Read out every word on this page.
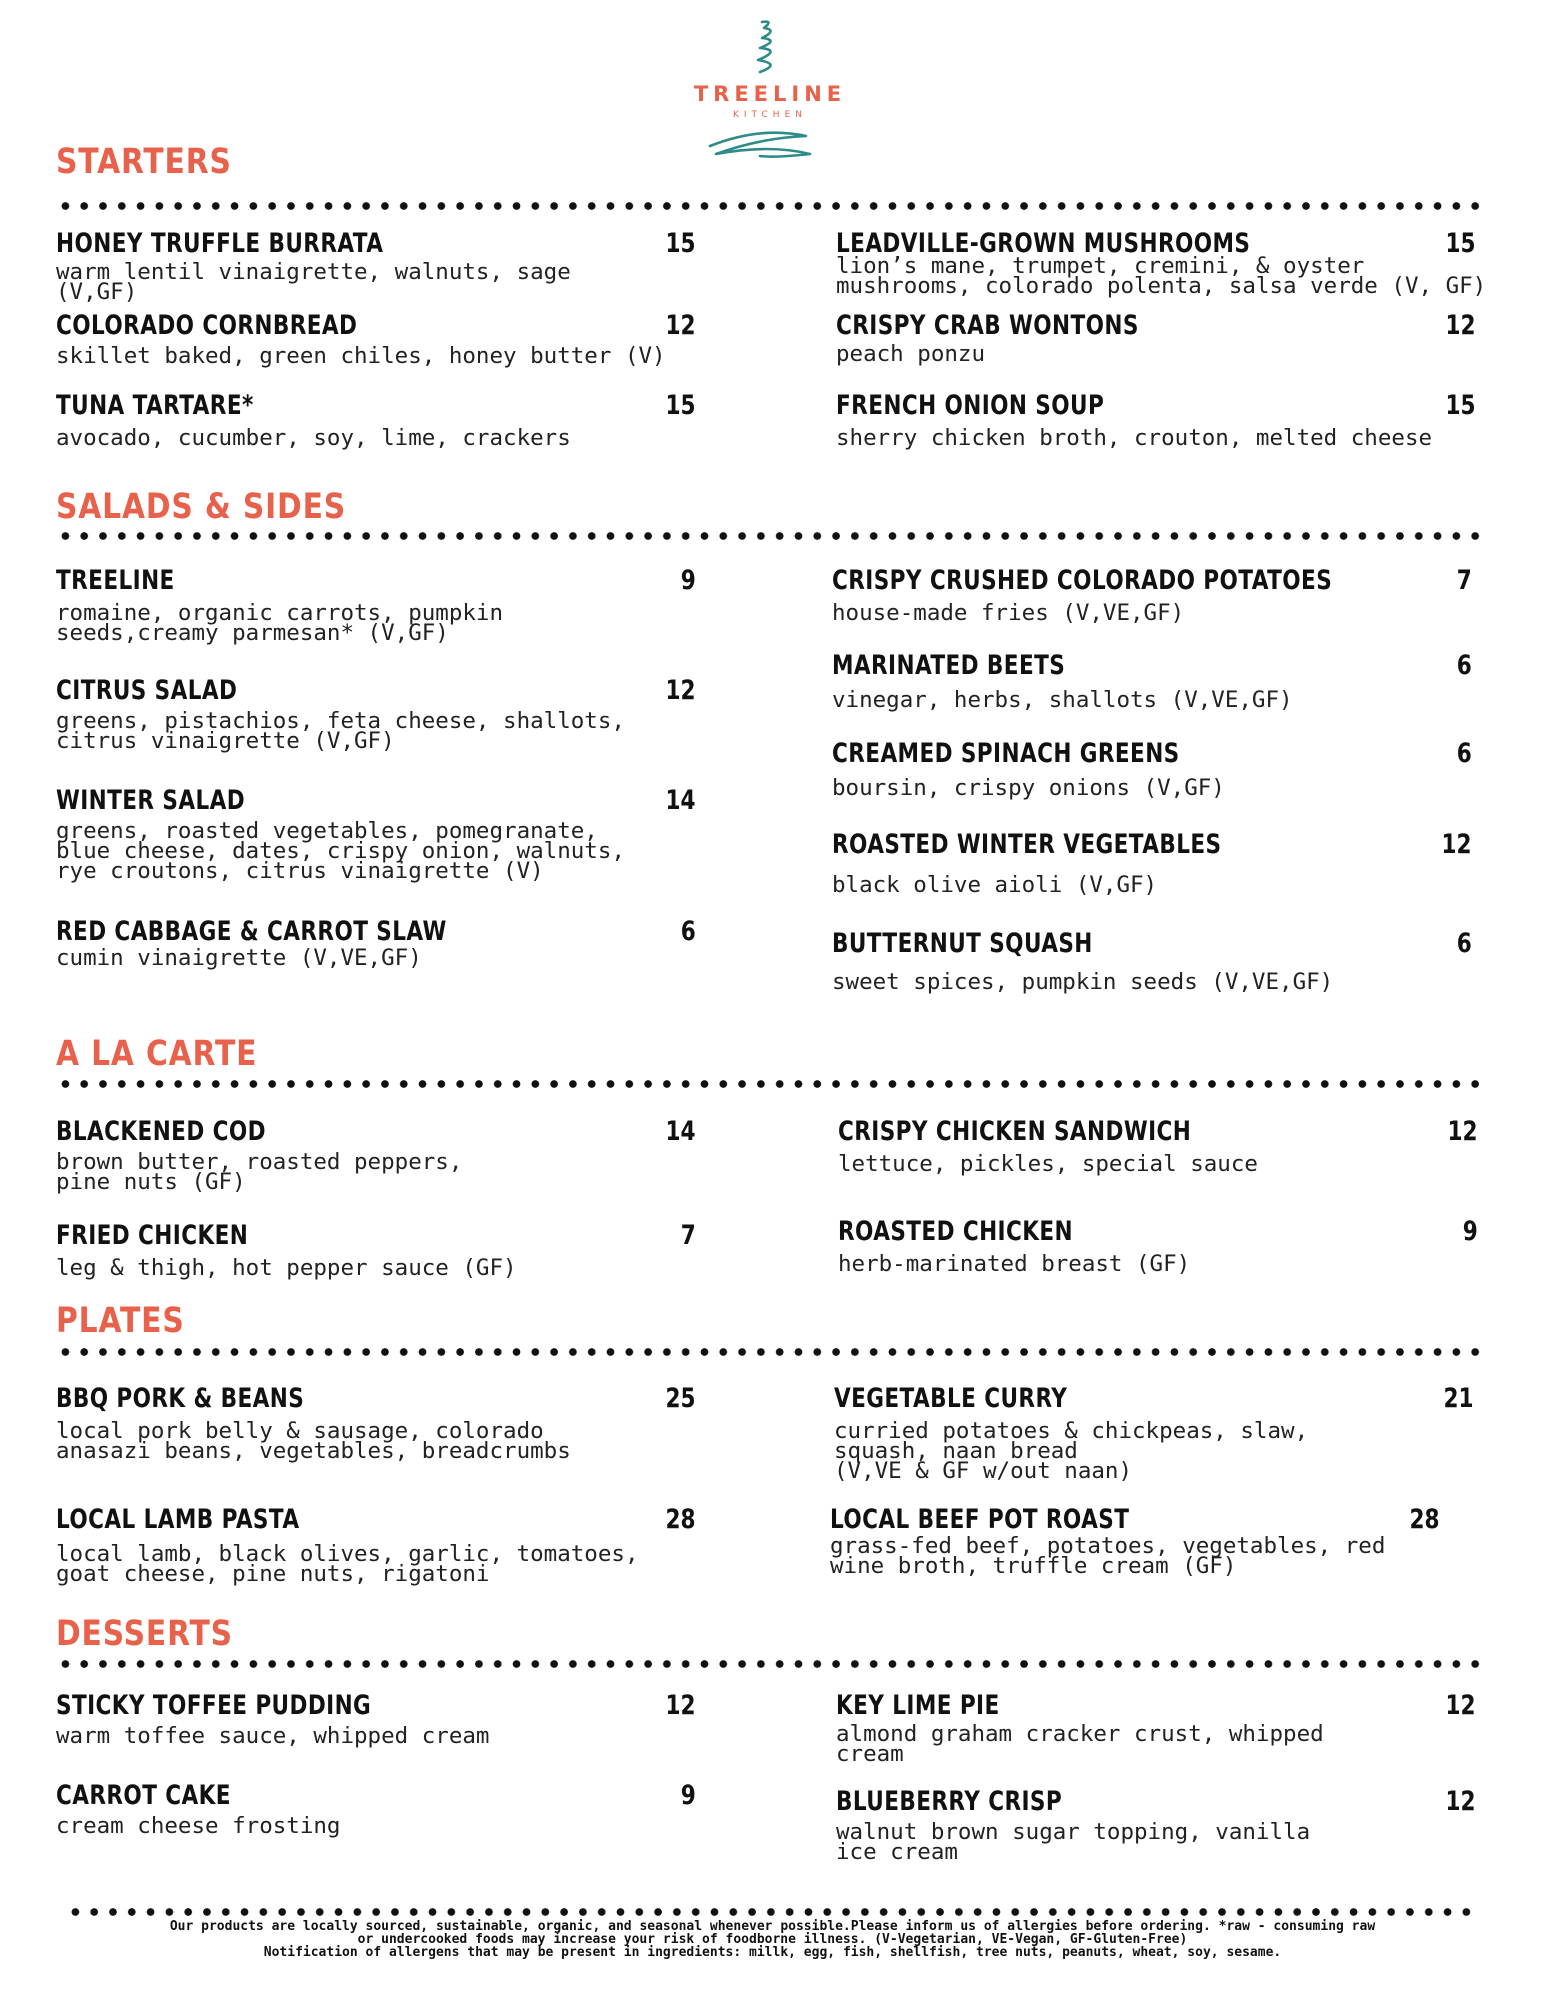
TREELINE
KITCHEN
STARTERS
HONEY TRUFFLE BURRATA	15
warm lentil vinaigrette, walnuts, sage
(V,GF)
COLORADO CORNBREAD	12
skillet baked, green chiles, honey butter (V)
TUNA TARTARE*	15
avocado, cucumber, soy, lime, crackers
LEADVILLE-GROWN MUSHROOMS	15
lion’s mane, trumpet, cremini, & oyster
mushrooms, colorado polenta, salsa verde (V, GF)
CRISPY CRAB WONTONS	12
peach ponzu
FRENCH ONION SOUP	15
sherry chicken broth, crouton, melted cheese
SALADS & SIDES
TREELINE	9
romaine, organic carrots, pumpkin
seeds,creamy parmesan* (V,GF)
CITRUS SALAD	12
greens, pistachios, feta cheese, shallots,
citrus vinaigrette (V,GF)
WINTER SALAD	14
greens, roasted vegetables, pomegranate,
blue cheese, dates, crispy onion, walnuts,
rye croutons, citrus vinaigrette (V)
RED CABBAGE & CARROT SLAW	6
cumin vinaigrette (V,VE,GF)
CRISPY CRUSHED COLORADO POTATOES	7
house-made fries (V,VE,GF)
MARINATED BEETS	6
vinegar, herbs, shallots (V,VE,GF)
CREAMED SPINACH GREENS	6
boursin, crispy onions (V,GF)
ROASTED WINTER VEGETABLES	12
black olive aioli (V,GF)
BUTTERNUT SQUASH	6
sweet spices, pumpkin seeds (V,VE,GF)
A LA CARTE
BLACKENED COD	14
brown butter, roasted peppers,
pine nuts (GF)
FRIED CHICKEN	7
leg & thigh, hot pepper sauce (GF)
CRISPY CHICKEN SANDWICH	12
lettuce, pickles, special sauce
ROASTED CHICKEN	9
herb-marinated breast (GF)
PLATES
BBQ PORK & BEANS	25
local pork belly & sausage, colorado
anasazi beans, vegetables, breadcrumbs
LOCAL LAMB PASTA	28
local lamb, black olives, garlic, tomatoes,
goat cheese, pine nuts, rigatoni
VEGETABLE CURRY	21
curried potatoes & chickpeas, slaw,
squash, naan bread
(V,VE & GF w/out naan)
LOCAL BEEF POT ROAST	28
grass-fed beef, potatoes, vegetables, red
wine broth, truffle cream (GF)
DESSERTS
STICKY TOFFEE PUDDING	12
warm toffee sauce, whipped cream
CARROT CAKE	9
cream cheese frosting
KEY LIME PIE	12
almond graham cracker crust, whipped
cream
BLUEBERRY CRISP	12
walnut brown sugar topping, vanilla
ice cream
Our products are locally sourced, sustainable, organic, and seasonal whenever possible.Please inform us of allergies before ordering. *raw - consuming raw
or undercooked foods may increase your risk of foodborne illness. (V-Vegetarian, VE-Vegan, GF-Gluten-Free)
Notification of allergens that may be present in ingredients: millk, egg, fish, shellfish, tree nuts, peanuts, wheat, soy, sesame.
